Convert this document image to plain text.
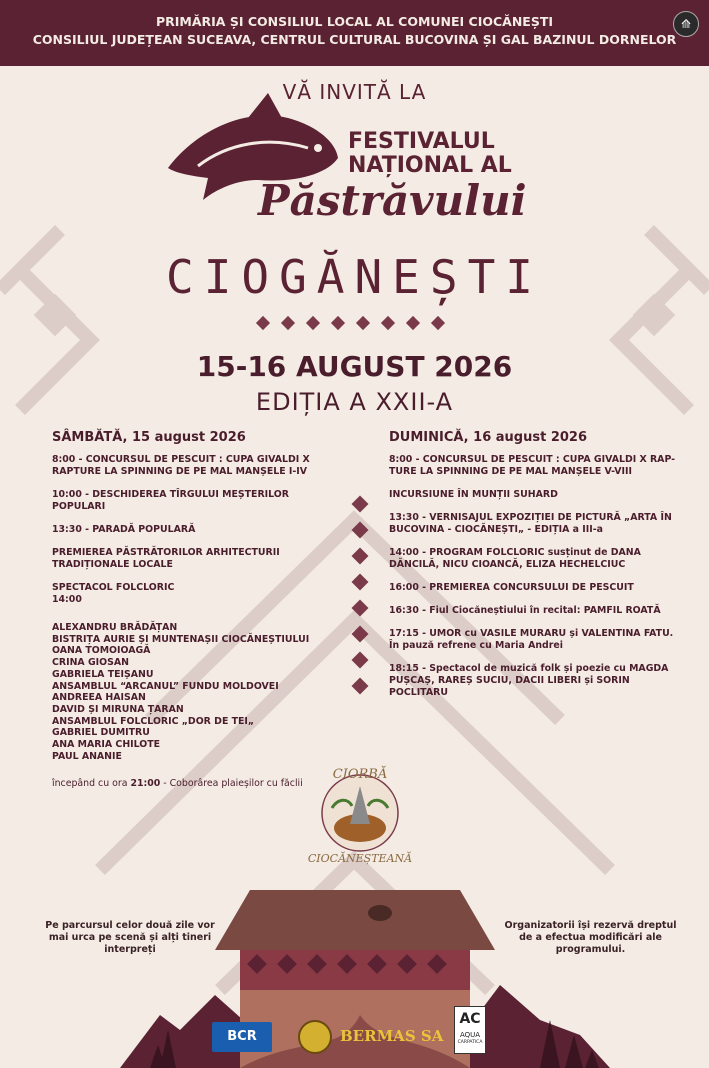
PRIMĂRIA ȘI CONSILIUL LOCAL AL COMUNEI CIOCĂNEȘTI
CONSILIUL JUDEȚEAN SUCEAVA, CENTRUL CULTURAL BUCOVINA ȘI GAL BAZINUL DORNELOR
⟰
VĂ INVITĂ LA
FESTIVALUL
NAȚIONAL AL
Păstrăvului
CIOGĂNEȘTI
15-16 AUGUST 2026
EDIȚIA A XXII-A
SÂMBĂTĂ, 15 august 2026
8:00 - CONCURSUL DE PESCUIT : CUPA GIVALDI X RAPTURE LA SPINNING DE PE MAL MANȘELE I-IV
10:00 - DESCHIDEREA TÎRGULUI MEȘTERILOR POPULARI
13:30 - PARADĂ POPULARĂ
PREMIEREA PĂSTRĂTORILOR ARHITECTURII TRADIȚIONALE LOCALE
SPECTACOL FOLCLORIC
14:00
ALEXANDRU BRĂDĂȚAN
BISTRIȚA AURIE ȘI MUNTENAȘII CIOCĂNEȘTIULUI
OANA TOMOIOAGĂ
CRINA GIOSAN
GABRIELA TEIȘANU
ANSAMBLUL “ARCANUL” FUNDU MOLDOVEI
ANDREEA HAISAN
DAVID ȘI MIRUNA ȚARAN
ANSAMBLUL FOLCLORIC „DOR DE TEI„
GABRIEL DUMITRU
ANA MARIA CHILOTE
PAUL ANANIE
începând cu ora 21:00 - Coborârea plaieșilor cu făclii
DUMINICĂ, 16 august 2026
8:00 - CONCURSUL DE PESCUIT : CUPA GIVALDI X RAP-TURE LA SPINNING DE PE MAL MANȘELE V-VIII
INCURSIUNE ÎN MUNȚII SUHARD
13:30 - VERNISAJUL EXPOZIȚIEI DE PICTURĂ „ARTA ÎN BUCOVINA - CIOCĂNEȘTI„ - EDIȚIA a III-a
14:00 - PROGRAM FOLCLORIC susținut de DANA DĂNCILĂ, NICU CIOANCĂ, ELIZA HECHELCIUC
16:00 - PREMIEREA CONCURSULUI DE PESCUIT
16:30 - Fiul Ciocăneștiului în recital: PAMFIL ROATĂ
17:15 - UMOR cu VASILE MURARU și VALENTINA FATU. În pauză refrene cu Maria Andrei
18:15 - Spectacol de muzică folk și poezie cu MAGDA PUȘCAȘ, RAREȘ SUCIU, DACII LIBERI și SORIN POCLITARU
CIORBĂ
CIOCĂNEȘTEANĂ
Pe parcursul celor două zile vor mai urca pe scenă și alți tineri interpreți
Organizatorii își rezervă dreptul de a efectua modificări ale programului.
BCR	BERMAS SA
AC
AQUA
CARPATICA
